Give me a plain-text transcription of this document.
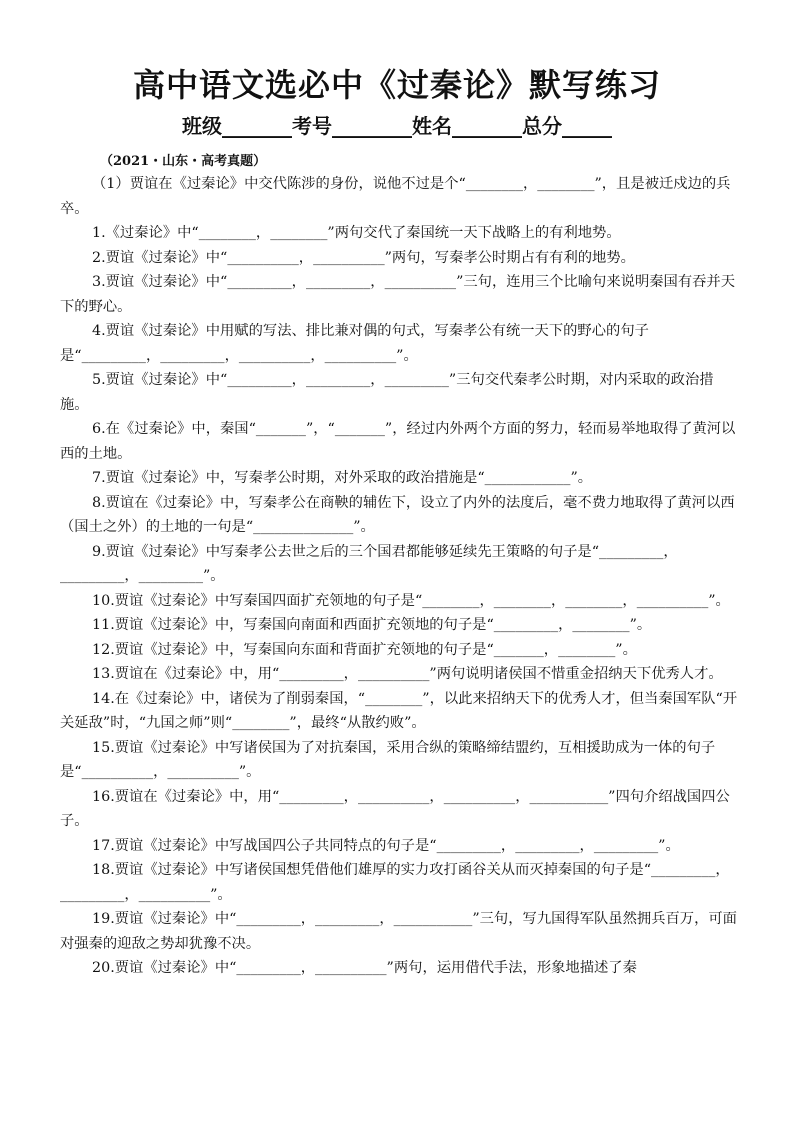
高中语文选必中《过秦论》默写练习
班级_______考号________姓名_______总分_____
（2021・山东・高考真题）

（1）贾谊在《过秦论》中交代陈涉的身份，说他不过是个“________，________”，且是被迁戍边的兵卒。

1.《过秦论》中“________，________”两句交代了秦国统一天下战略上的有利地势。

2.贾谊《过秦论》中“__________，__________”两句，写秦孝公时期占有有利的地势。

3.贾谊《过秦论》中“_________，_________，__________”三句，连用三个比喻句来说明秦国有吞并天下的野心。

4.贾谊《过秦论》中用赋的写法、排比兼对偶的句式，写秦孝公有统一天下的野心的句子是“_________，_________，__________，__________”。

5.贾谊《过秦论》中“_________，_________，_________”三句交代秦孝公时期，对内采取的政治措施。

6.在《过秦论》中，秦国“_______”，“_______”，经过内外两个方面的努力，轻而易举地取得了黄河以西的土地。

7.贾谊《过秦论》中，写秦孝公时期，对外采取的政治措施是“____________”。

8.贾谊在《过秦论》中，写秦孝公在商鞅的辅佐下，设立了内外的法度后，毫不费力地取得了黄河以西（国土之外）的土地的一句是“______________”。

9.贾谊《过秦论》中写秦孝公去世之后的三个国君都能够延续先王策略的句子是“_________，_________，_________”。

10.贾谊《过秦论》中写秦国四面扩充领地的句子是“________，________，________，__________”。

11.贾谊《过秦论》中，写秦国向南面和西面扩充领地的句子是“_________，________”。

12.贾谊《过秦论》中，写秦国向东面和背面扩充领地的句子是“_______，________”。

13.贾谊在《过秦论》中，用“_________，__________”两句说明诸侯国不惜重金招纳天下优秀人才。

14.在《过秦论》中，诸侯为了削弱秦国，“________”，以此来招纳天下的优秀人才，但当秦国军队“开关延敌”时，“九国之师”则“________”，最终“从散约败”。

15.贾谊《过秦论》中写诸侯国为了对抗秦国，采用合纵的策略缔结盟约，互相援助成为一体的句子是“__________，__________”。

16.贾谊在《过秦论》中，用“_________，__________，__________，___________”四句介绍战国四公子。

17.贾谊《过秦论》中写战国四公子共同特点的句子是“_________，_________，_________”。

18.贾谊《过秦论》中写诸侯国想凭借他们雄厚的实力攻打函谷关从而灭掉秦国的句子是“_________，_________，__________”。

19.贾谊《过秦论》中“_________，_________，___________”三句，写九国得军队虽然拥兵百万，可面对强秦的迎敌之势却犹豫不决。

20.贾谊《过秦论》中“_________，__________”两句，运用借代手法，形象地描述了秦
